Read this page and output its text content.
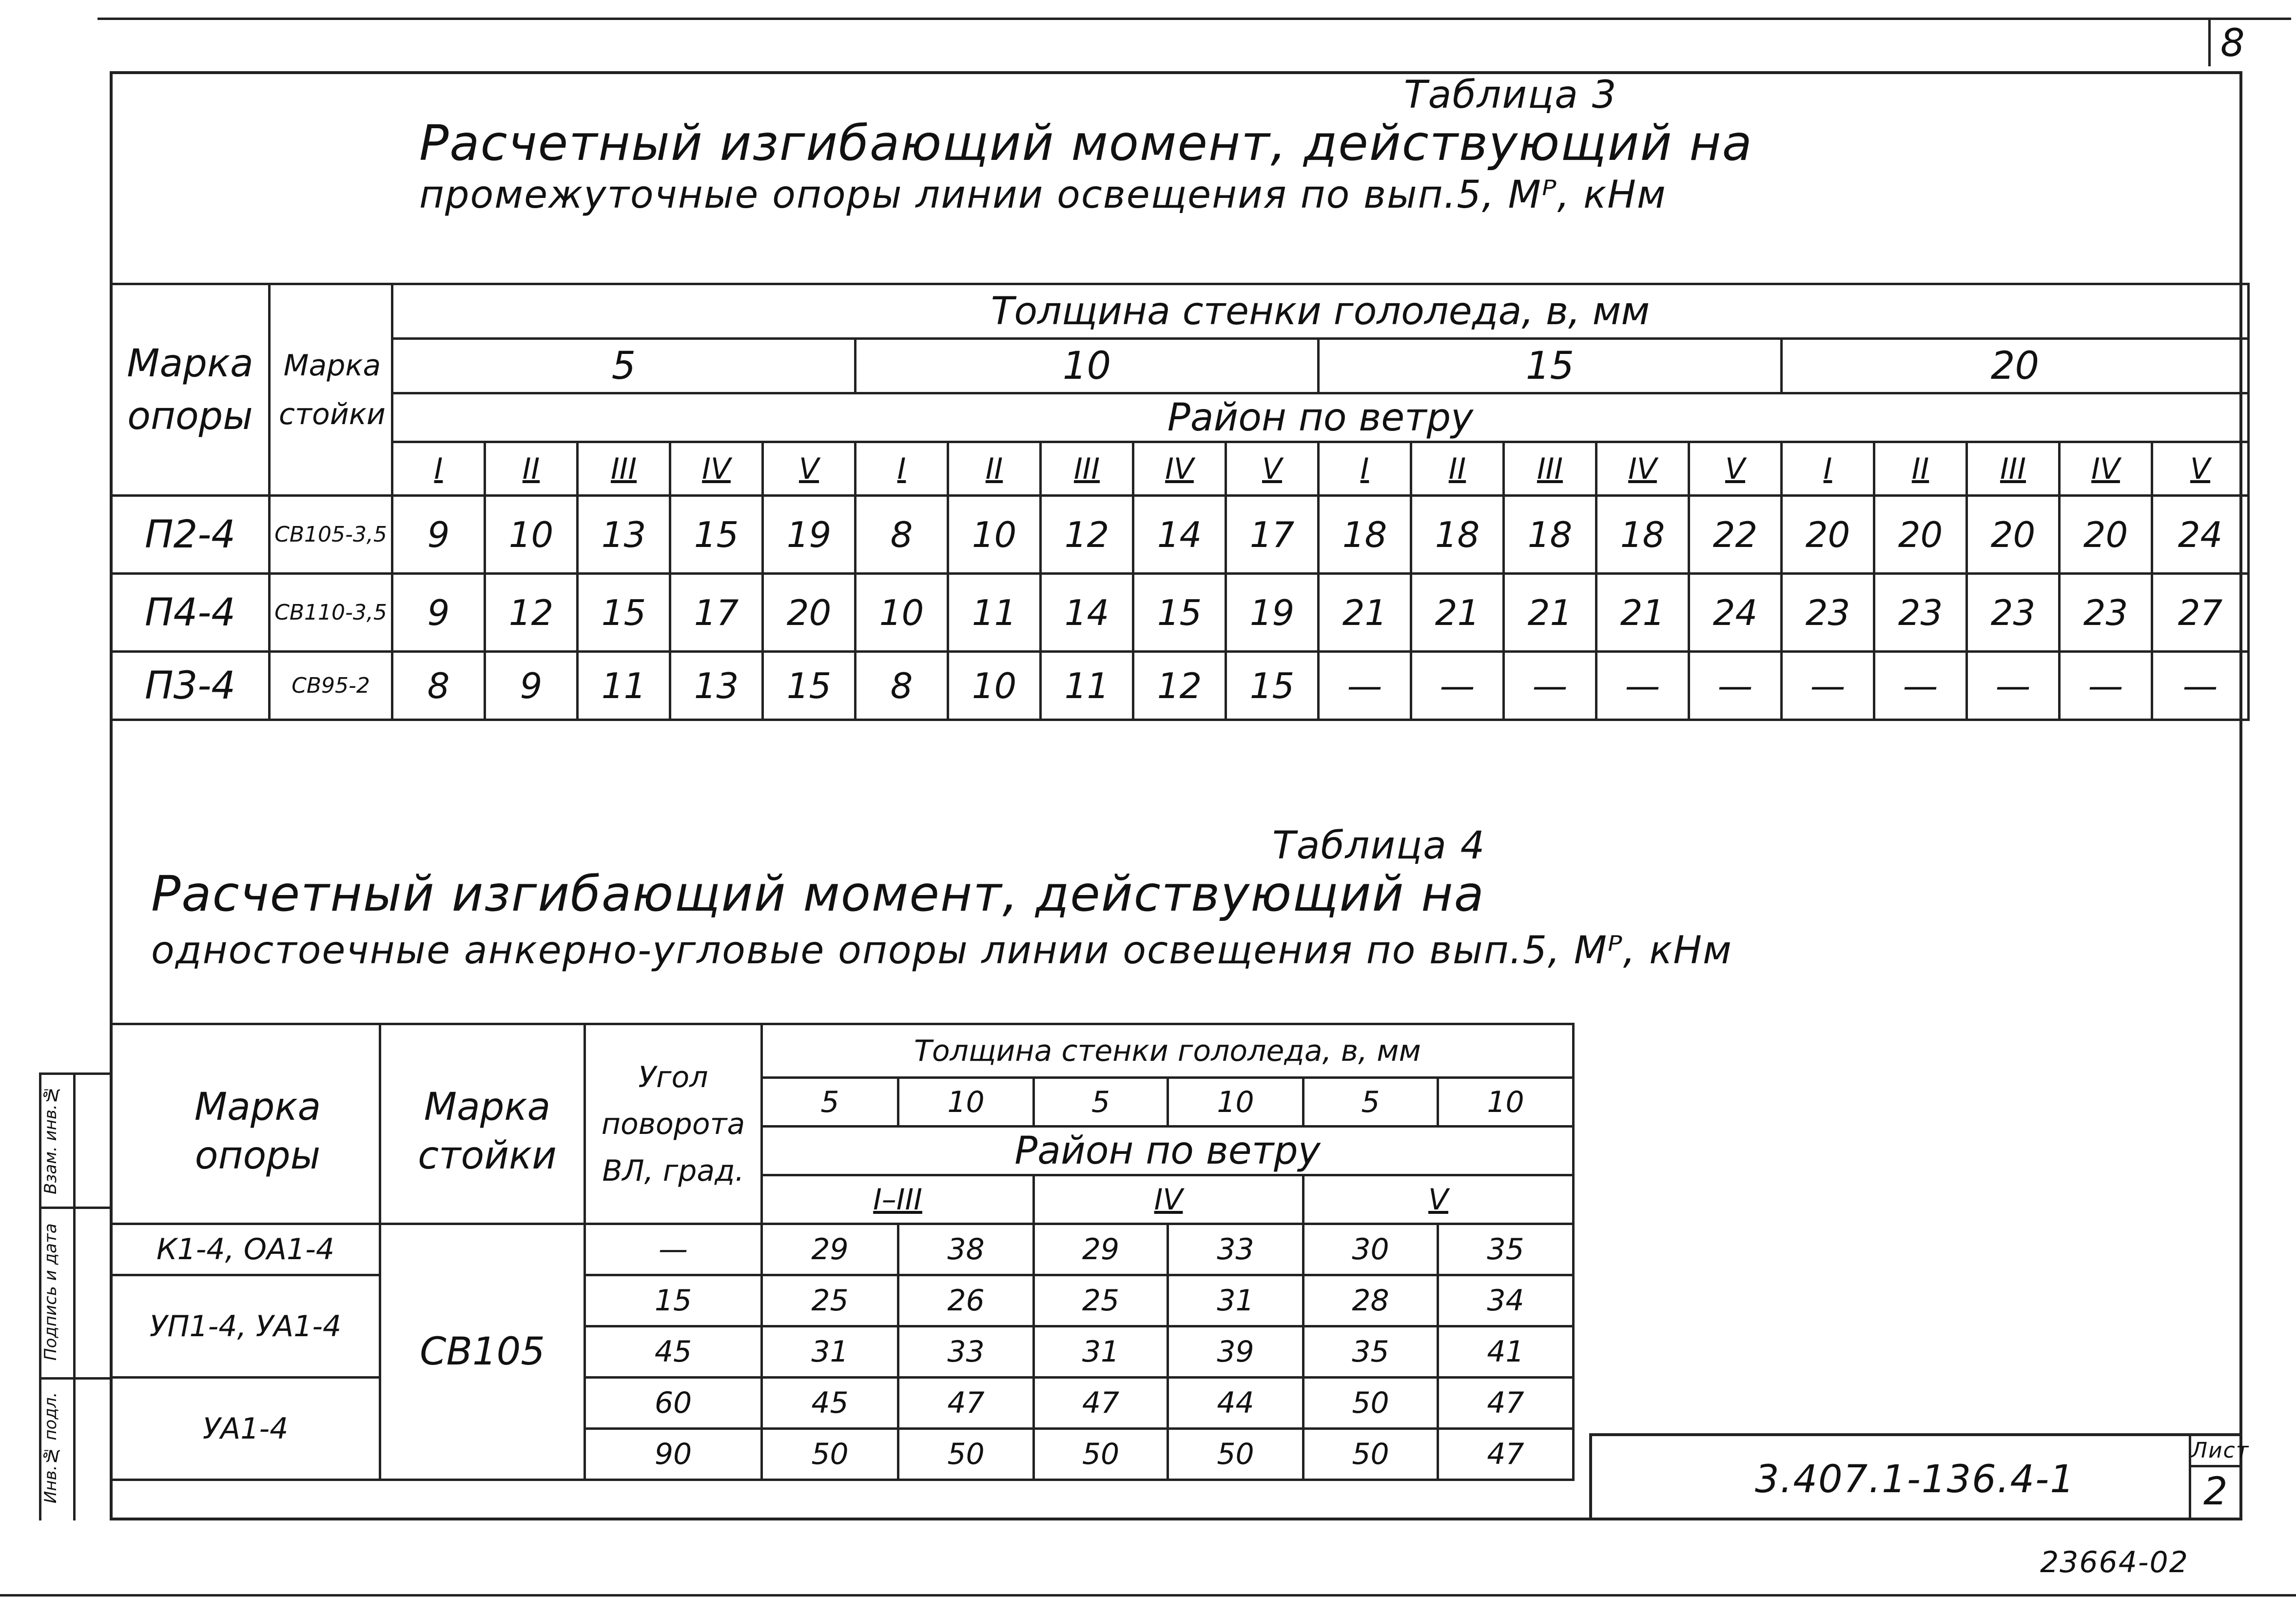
8
Инв.№ подл.
Подпись и дата
Взам. инв.№
Таблица 3
Расчетный изгибающий момент, действующий на
промежуточные опоры линии освещения по вып.5, Мᴾ, кНм
Марка опоры	Марка стойки	Толщина стенки гололеда, в, мм																			
		5					10					15					20				
		Район по ветру																			
		I	II	III	IV	V	I	II	III	IV	V	I	II	III	IV	V	I	II	III	IV	V
П2-4	СВ105-3,5	9	10	13	15	19	8	10	12	14	17	18	18	18	18	22	20	20	20	20	24
П4-4	СВ110-3,5	9	12	15	17	20	10	11	14	15	19	21	21	21	21	24	23	23	23	23	27
П3-4	СВ95-2	8	9	11	13	15	8	10	11	12	15	—	—	—	—	—	—	—	—	—	—
Таблица 4
Расчетный изгибающий момент, действующий на
одностоечные анкерно-угловые опоры линии освещения по вып.5, Мᴾ, кНм
Марка опоры	Марка стойки	Угол поворота ВЛ, град.	Толщина стенки гололеда, в, мм					
			5	10	5	10	5	10
			Район по ветру					
			I–III		IV		V	
К1-4, ОА1-4	СВ105	—	29	38	29	33	30	35
УП1-4, УА1-4		15	25	26	25	31	28	34
		45	31	33	31	39	35	41
УА1-4		60	45	47	47	44	50	47
		90	50	50	50	50	50	47
3.407.1-136.4-1
Лист
2
23664-02
